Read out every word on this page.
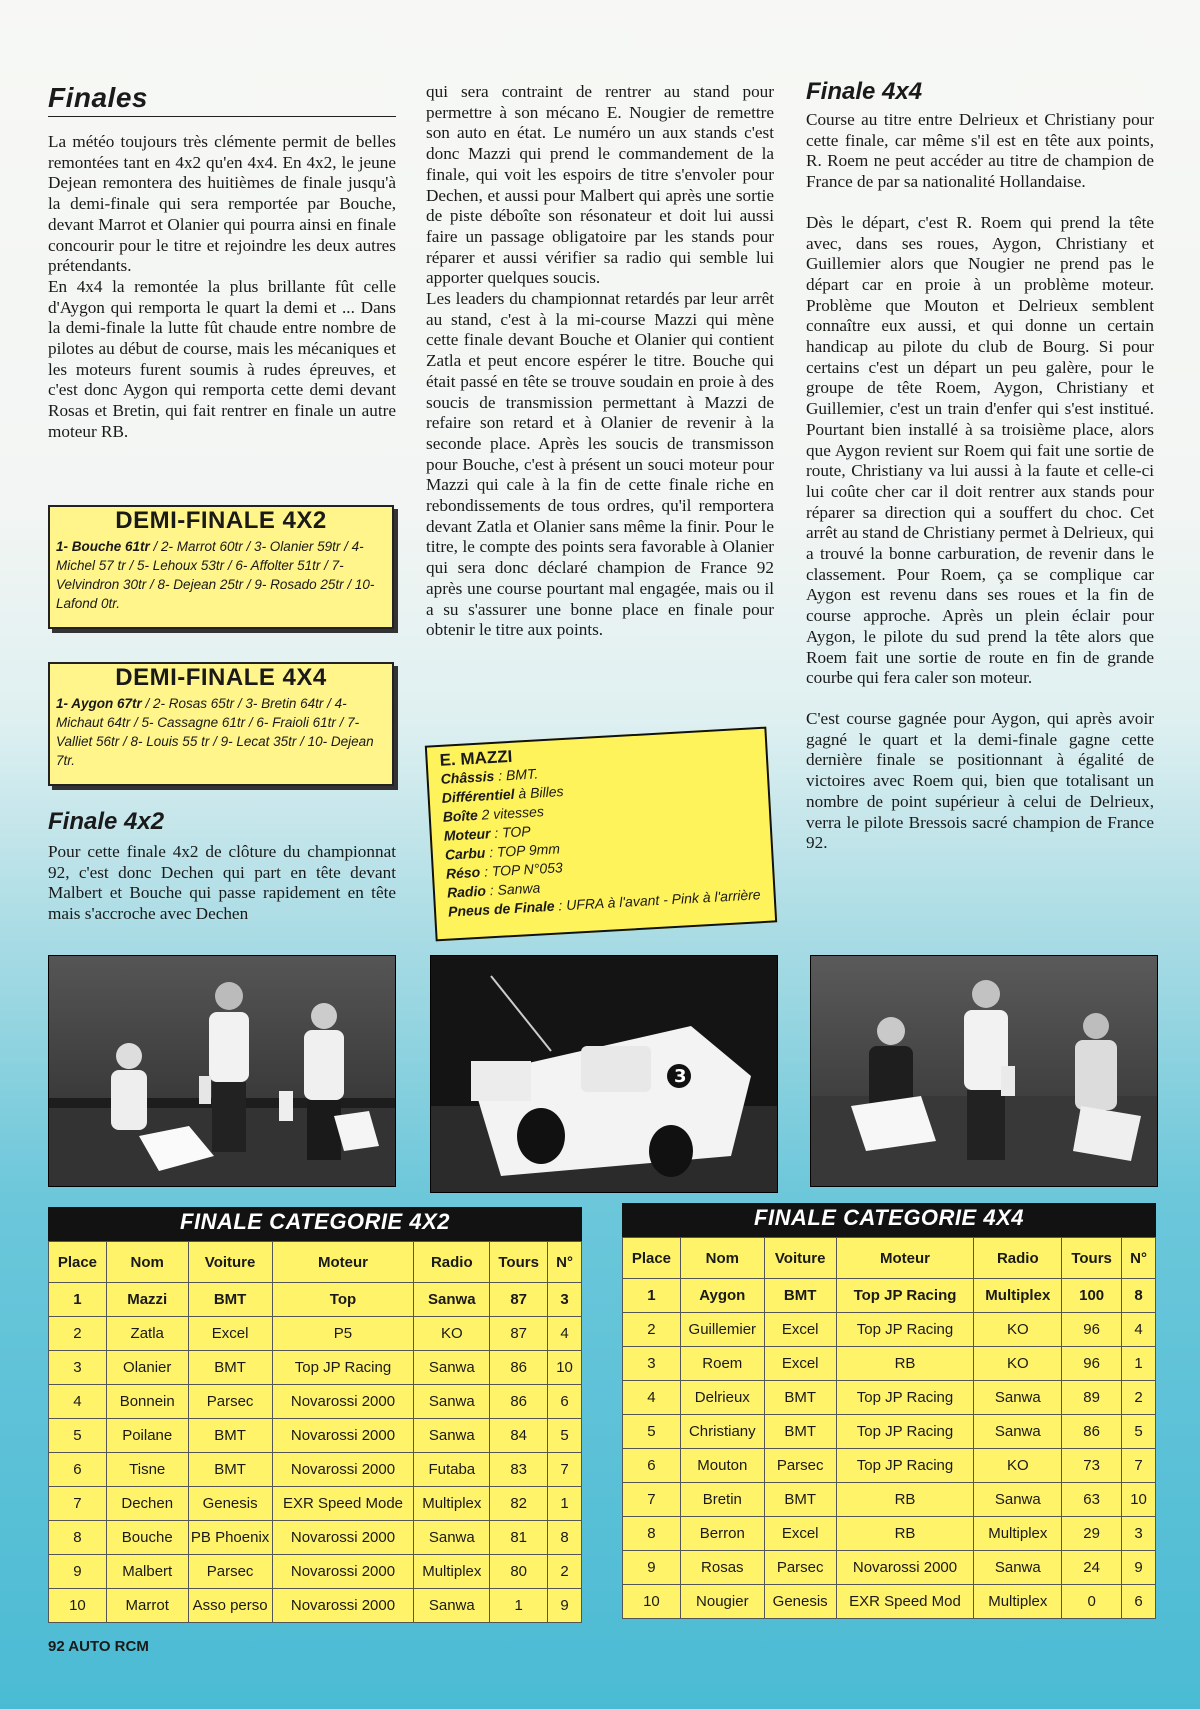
Finales

La météo toujours très clémente permit de belles remontées tant en 4x2 qu'en 4x4. En 4x2, le jeune Dejean remontera des huitièmes de finale jusqu'à la demi-finale qui sera remportée par Bouche, devant Marrot et Olanier qui pourra ainsi en finale concourir pour le titre et rejoindre les deux autres prétendants.

En 4x4 la remontée la plus brillante fût celle d'Aygon qui remporta le quart la demi et ... Dans la demi-finale la lutte fût chaude entre nombre de pilotes au début de course, mais les mécaniques et les moteurs furent soumis à rudes épreuves, et c'est donc Aygon qui remporta cette demi devant Rosas et Bretin, qui fait rentrer en finale un autre moteur RB.

DEMI-FINALE 4X2
1- Bouche 61tr / 2- Marrot 60tr / 3- Olanier 59tr / 4- Michel 57 tr / 5- Lehoux 53tr / 6- Affolter 51tr / 7- Velvindron 30tr / 8- Dejean 25tr / 9- Rosado 25tr / 10- Lafond 0tr.
DEMI-FINALE 4X4
1- Aygon 67tr / 2- Rosas 65tr / 3- Bretin 64tr / 4- Michaut 64tr / 5- Cassagne 61tr / 6- Fraioli 61tr / 7- Valliet 56tr / 8- Louis 55 tr / 9- Lecat 35tr / 10- Dejean 7tr.
Finale 4x2
Pour cette finale 4x2 de clôture du championnat 92, c'est donc Dechen qui part en tête devant Malbert et Bouche qui passe rapidement en tête mais s'accroche avec Dechen

qui sera contraint de rentrer au stand pour permettre à son mécano E. Nougier de remettre son auto en état. Le numéro un aux stands c'est donc Mazzi qui prend le commandement de la finale, qui voit les espoirs de titre s'envoler pour Dechen, et aussi pour Malbert qui après une sortie de piste déboîte son résonateur et doit lui aussi faire un passage obligatoire par les stands pour réparer et aussi vérifier sa radio qui semble lui apporter quelques soucis.

Les leaders du championnat retardés par leur arrêt au stand, c'est à la mi-course Mazzi qui mène cette finale devant Bouche et Olanier qui contient Zatla et peut encore espérer le titre. Bouche qui était passé en tête se trouve soudain en proie à des soucis de transmission permettant à Mazzi de refaire son retard et à Olanier de revenir à la seconde place. Après les soucis de transmisson pour Bouche, c'est à présent un souci moteur pour Mazzi qui cale à la fin de cette finale riche en rebondissements de tous ordres, qu'il remportera devant Zatla et Olanier sans même la finir. Pour le titre, le compte des points sera favorable à Olanier qui sera donc déclaré champion de France 92 après une course pourtant mal engagée, mais ou il a su s'assurer une bonne place en finale pour obtenir le titre aux points.

E. MAZZI
Châssis : BMT.
Différentiel à Billes
Boîte 2 vitesses
Moteur : TOP
Carbu : TOP 9mm
Réso : TOP N°053
Radio : Sanwa
Pneus de Finale : UFRA à l'avant - Pink à l'arrière
Finale 4x4

Course au titre entre Delrieux et Christiany pour cette finale, car même s'il est en tête aux points, R. Roem ne peut accéder au titre de champion de France de par sa nationalité Hollandaise.

Dès le départ, c'est R. Roem qui prend la tête avec, dans ses roues, Aygon, Christiany et Guillemier alors que Nougier ne prend pas le départ car en proie à un problème moteur. Problème que Mouton et Delrieux semblent connaître eux aussi, et qui donne un certain handicap au pilote du club de Bourg. Si pour certains c'est un départ un peu galère, pour le groupe de tête Roem, Aygon, Christiany et Guillemier, c'est un train d'enfer qui s'est institué. Pourtant bien installé à sa troisième place, alors que Aygon revient sur Roem qui fait une sortie de route, Christiany va lui aussi à la faute et celle-ci lui coûte cher car il doit rentrer aux stands pour réparer sa direction qui a souffert du choc. Cet arrêt au stand de Christiany permet à Delrieux, qui a trouvé la bonne carburation, de revenir dans le classement. Pour Roem, ça se complique car Aygon est revenu dans ses roues et la fin de course approche. Après un plein éclair pour Aygon, le pilote du sud prend la tête alors que Roem fait une sortie de route en fin de grande courbe qui fera caler son moteur.

C'est course gagnée pour Aygon, qui après avoir gagné le quart et la demi-finale gagne cette dernière finale se positionnant à égalité de victoires avec Roem qui, bien que totalisant un nombre de point supérieur à celui de Delrieux, verra le pilote Bressois sacré champion de France 92.

3
FINALE CATEGORIE 4X2
Place	Nom	Voiture	Moteur	Radio	Tours	N°
1	Mazzi	BMT	Top	Sanwa	87	3
2	Zatla	Excel	P5	KO	87	4
3	Olanier	BMT	Top JP Racing	Sanwa	86	10
4	Bonnein	Parsec	Novarossi 2000	Sanwa	86	6
5	Poilane	BMT	Novarossi 2000	Sanwa	84	5
6	Tisne	BMT	Novarossi 2000	Futaba	83	7
7	Dechen	Genesis	EXR Speed Mode	Multiplex	82	1
8	Bouche	PB Phoenix	Novarossi 2000	Sanwa	81	8
9	Malbert	Parsec	Novarossi 2000	Multiplex	80	2
10	Marrot	Asso perso	Novarossi 2000	Sanwa	1	9
FINALE CATEGORIE 4X4
Place	Nom	Voiture	Moteur	Radio	Tours	N°
1	Aygon	BMT	Top JP Racing	Multiplex	100	8
2	Guillemier	Excel	Top JP Racing	KO	96	4
3	Roem	Excel	RB	KO	96	1
4	Delrieux	BMT	Top JP Racing	Sanwa	89	2
5	Christiany	BMT	Top JP Racing	Sanwa	86	5
6	Mouton	Parsec	Top JP Racing	KO	73	7
7	Bretin	BMT	RB	Sanwa	63	10
8	Berron	Excel	RB	Multiplex	29	3
9	Rosas	Parsec	Novarossi 2000	Sanwa	24	9
10	Nougier	Genesis	EXR Speed Mod	Multiplex	0	6
92 AUTO RCM
